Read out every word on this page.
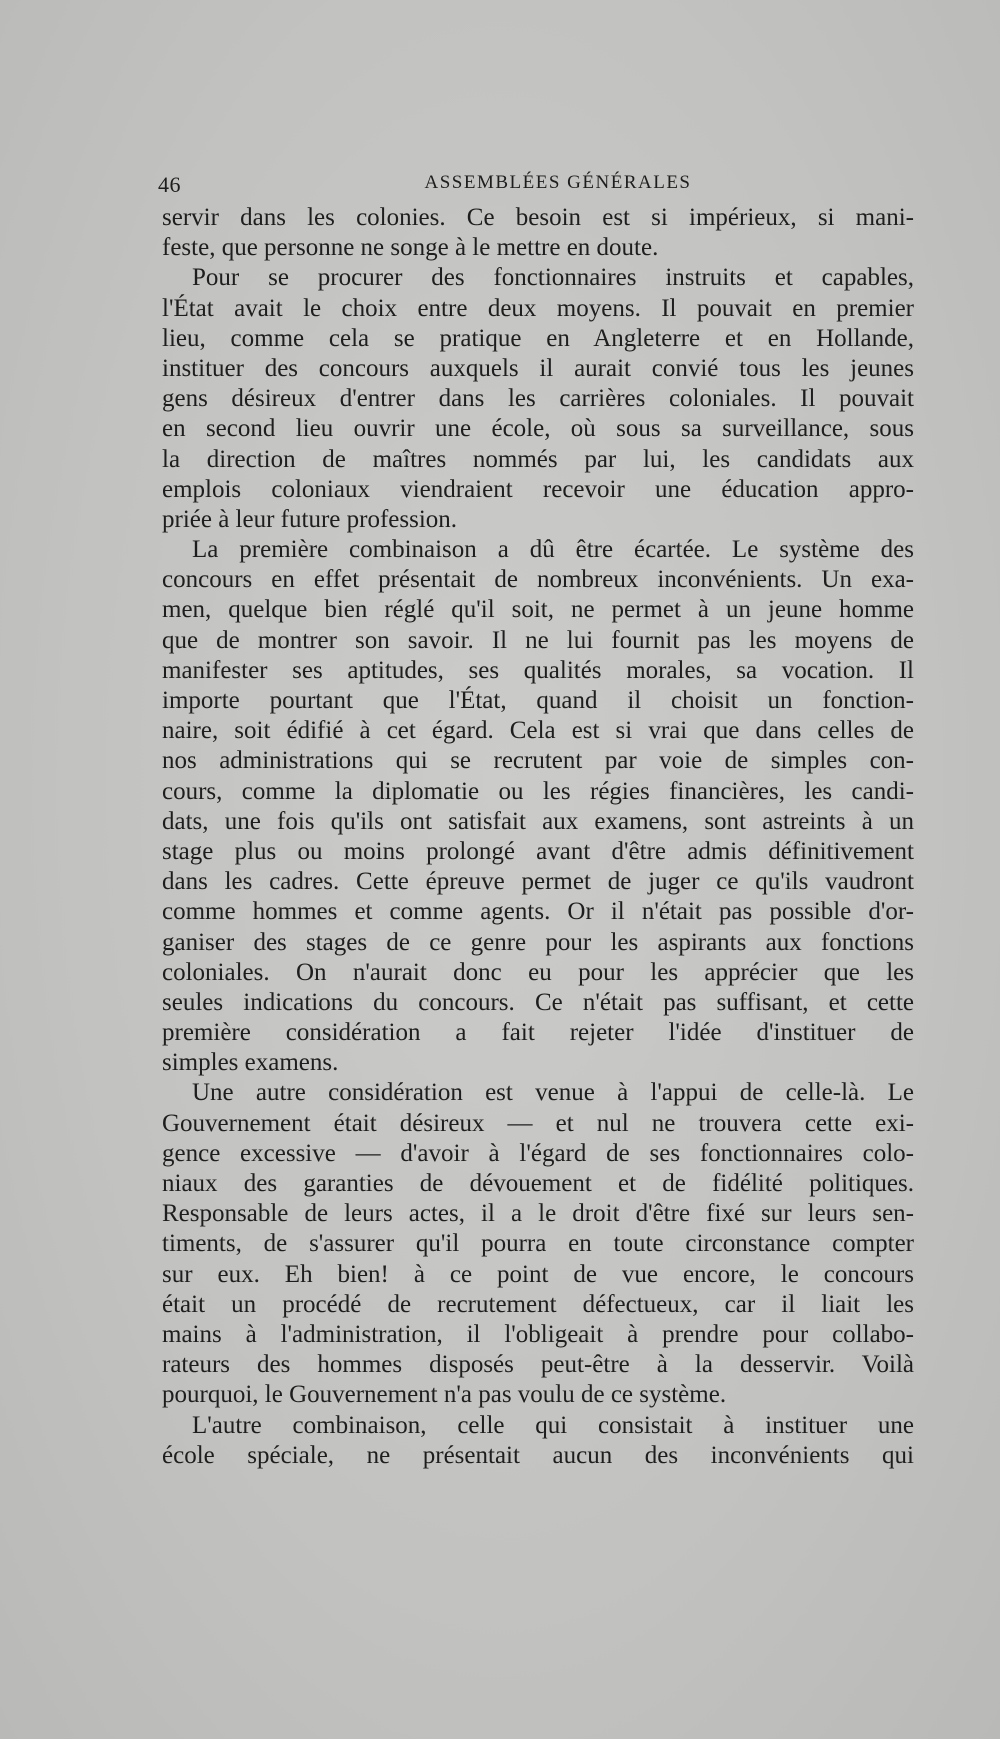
46	ASSEMBLÉES GÉNÉRALES
servir dans les colonies. Ce besoin est si impérieux, si mani-
feste, que personne ne songe à le mettre en doute.
Pour se procurer des fonctionnaires instruits et capables,
l'État avait le choix entre deux moyens. Il pouvait en premier
lieu, comme cela se pratique en Angleterre et en Hollande,
instituer des concours auxquels il aurait convié tous les jeunes
gens désireux d'entrer dans les carrières coloniales. Il pouvait
en second lieu ouvrir une école, où sous sa surveillance, sous
la direction de maîtres nommés par lui, les candidats aux
emplois coloniaux viendraient recevoir une éducation appro-
priée à leur future profession.
La première combinaison a dû être écartée. Le système des
concours en effet présentait de nombreux inconvénients. Un exa-
men, quelque bien réglé qu'il soit, ne permet à un jeune homme
que de montrer son savoir. Il ne lui fournit pas les moyens de
manifester ses aptitudes, ses qualités morales, sa vocation. Il
importe pourtant que l'État, quand il choisit un fonction-
naire, soit édifié à cet égard. Cela est si vrai que dans celles de
nos administrations qui se recrutent par voie de simples con-
cours, comme la diplomatie ou les régies financières, les candi-
dats, une fois qu'ils ont satisfait aux examens, sont astreints à un
stage plus ou moins prolongé avant d'être admis définitivement
dans les cadres. Cette épreuve permet de juger ce qu'ils vaudront
comme hommes et comme agents. Or il n'était pas possible d'or-
ganiser des stages de ce genre pour les aspirants aux fonctions
coloniales. On n'aurait donc eu pour les apprécier que les
seules indications du concours. Ce n'était pas suffisant, et cette
première considération a fait rejeter l'idée d'instituer de
simples examens.
Une autre considération est venue à l'appui de celle-là. Le
Gouvernement était désireux — et nul ne trouvera cette exi-
gence excessive — d'avoir à l'égard de ses fonctionnaires colo-
niaux des garanties de dévouement et de fidélité politiques.
Responsable de leurs actes, il a le droit d'être fixé sur leurs sen-
timents, de s'assurer qu'il pourra en toute circonstance compter
sur eux. Eh bien! à ce point de vue encore, le concours
était un procédé de recrutement défectueux, car il liait les
mains à l'administration, il l'obligeait à prendre pour collabo-
rateurs des hommes disposés peut-être à la desservir. Voilà
pourquoi, le Gouvernement n'a pas voulu de ce système.
L'autre combinaison, celle qui consistait à instituer une
école spéciale, ne présentait aucun des inconvénients qui
